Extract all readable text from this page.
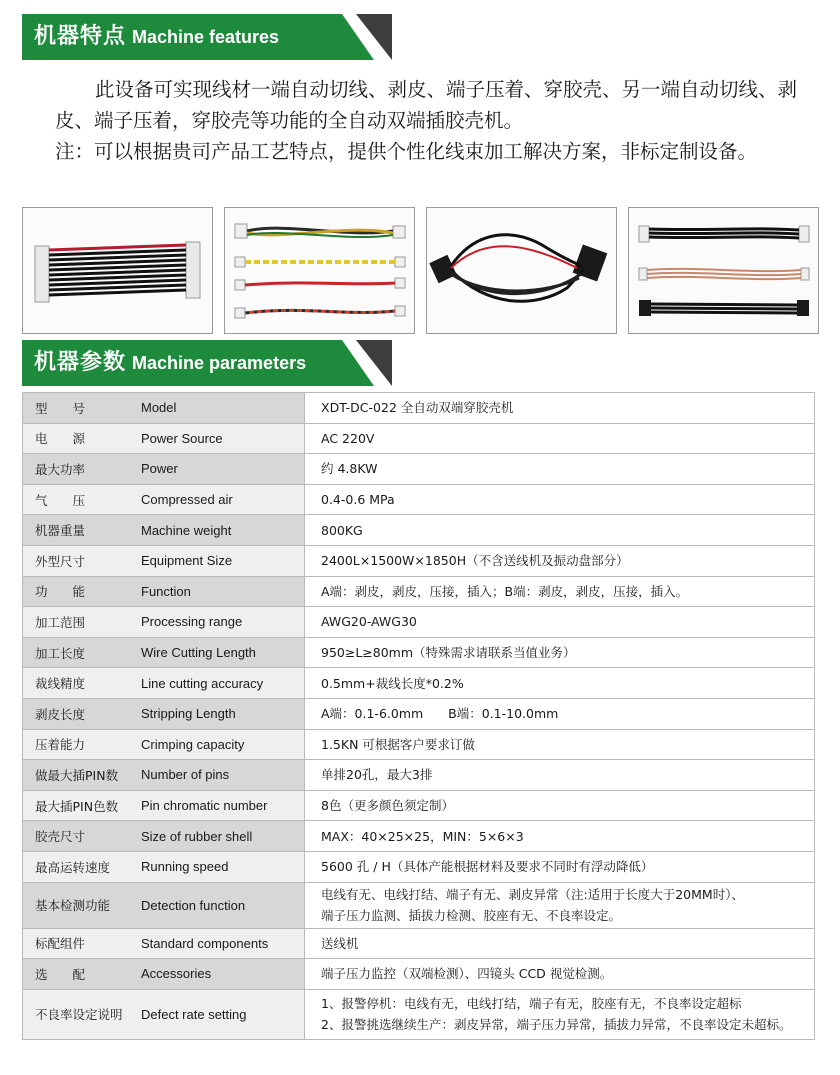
机器特点 Machine features

此设备可实现线材一端自动切线、剥皮、端子压着、穿胶壳、另一端自动切线、剥皮、端子压着，穿胶壳等功能的全自动双端插胶壳机。

注：可以根据贵司产品工艺特点，提供个性化线束加工解决方案，非标定制设备。

机器参数 Machine parameters
型　　号	Model	XDT-DC-022 全自动双端穿胶壳机

电　　源	Power Source	AC 220V

最大功率	Power	约 4.8KW

气　　压	Compressed air	0.4-0.6 MPa

机器重量	Machine weight	800KG

外型尺寸	Equipment Size	2400L×1500W×1850H（不含送线机及振动盘部分）

功　　能	Function	A端：剥皮，剥皮，压接，插入；B端：剥皮，剥皮，压接，插入。

加工范围	Processing range	AWG20-AWG30

加工长度	Wire Cutting Length	950≥L≥80mm（特殊需求请联系当值业务）

裁线精度	Line cutting accuracy	0.5mm+裁线长度*0.2%

剥皮长度	Stripping Length	A端：0.1-6.0mm　　B端：0.1-10.0mm

压着能力	Crimping capacity	1.5KN 可根据客户要求订做

做最大插PIN数	Number of pins	单排20孔，最大3排

最大插PIN色数	Pin chromatic number	8色（更多颜色须定制）

胶壳尺寸	Size of rubber shell	MAX：40×25×25，MIN：5×6×3

最高运转速度	Running speed	5600 孔 / H（具体产能根据材料及要求不同时有浮动降低）

基本检测功能	Detection function	电线有无、电线打结、端子有无、剥皮异常（注:适用于长度大于20MM时）、
端子压力监测、插拔力检测、胶座有无、不良率设定。

标配组件	Standard components	送线机

选　　配	Accessories	端子压力监控（双端检测）、四镜头 CCD 视觉检测。

不良率设定说明	Defect rate setting	1、报警停机：电线有无，电线打结，端子有无，胶座有无，不良率设定超标
2、报警挑选继续生产：剥皮异常，端子压力异常，插拔力异常，不良率设定未超标。
